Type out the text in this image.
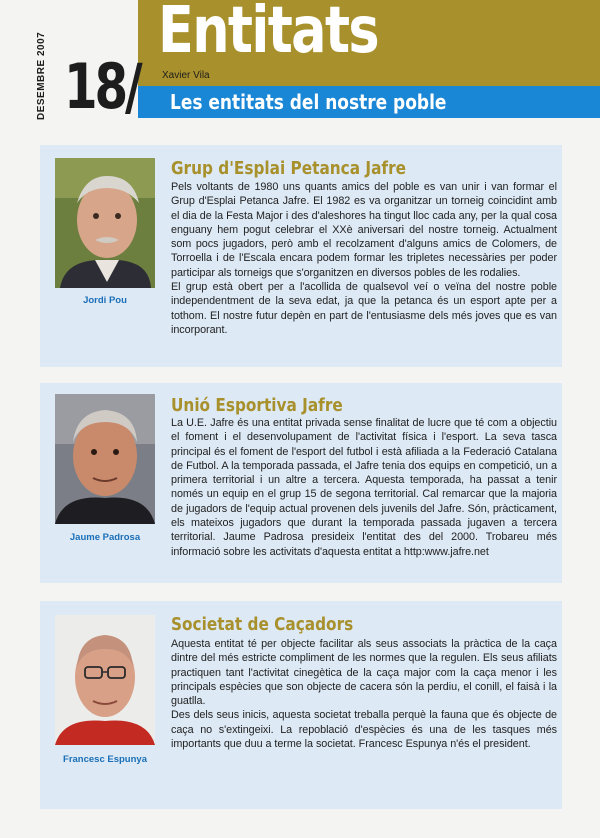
Entitats
Xavier Vila
Les entitats del nostre poble
18/
DESEMBRE 2007
Jordi Pou
Grup d'Esplai Petanca Jafre

Pels voltants de 1980 uns quants amics del poble es van unir i van formar el Grup d'Esplai Petanca Jafre. El 1982 es va organitzar un torneig coincidint amb el dia de la Festa Major i des d'aleshores ha tingut lloc cada any, per la qual cosa enguany hem pogut celebrar el XXè aniversari del nostre torneig. Actualment som pocs jugadors, però amb el recolzament d'alguns amics de Colomers, de Torroella i de l'Escala encara podem formar les tripletes necessàries per poder participar als torneigs que s'organitzen en diversos pobles de les rodalies.

El grup està obert per a l'acollida de qualsevol veí o veïna del nostre poble independentment de la seva edat, ja que la petanca és un esport apte per a tothom. El nostre futur depèn en part de l'entusiasme dels més joves que es van incorporant.

Jaume Padrosa
Unió Esportiva Jafre

La U.E. Jafre és una entitat privada sense finalitat de lucre que té com a objectiu el foment i el desenvolupament de l'activitat física i l'esport. La seva tasca principal és el foment de l'esport del futbol i està afiliada a la Federació Catalana de Futbol. A la temporada passada, el Jafre tenia dos equips en competició, un a primera territorial i un altre a tercera. Aquesta temporada, ha passat a tenir només un equip en el grup 15 de segona territorial. Cal remarcar que la majoria de jugadors de l'equip actual provenen dels juvenils del Jafre. Són, pràcticament, els mateixos jugadors que durant la temporada passada jugaven a tercera territorial. Jaume Padrosa presideix l'entitat des del 2000. Trobareu més informació sobre les activitats d'aquesta entitat a http:www.jafre.net

Francesc Espunya
Societat de Caçadors

Aquesta entitat té per objecte facilitar als seus associats la pràctica de la caça dintre del més estricte compliment de les normes que la regulen. Els seus afiliats practiquen tant l'activitat cinegètica de la caça major com la caça menor i les principals espècies que son objecte de cacera són la perdiu, el conill, el faisà i la guatlla.

Des dels seus inicis, aquesta societat treballa perquè la fauna que és objecte de caça no s'extingeixi. La repoblació d'espècies és una de les tasques més importants que duu a terme la societat. Francesc Espunya n'és el president.
